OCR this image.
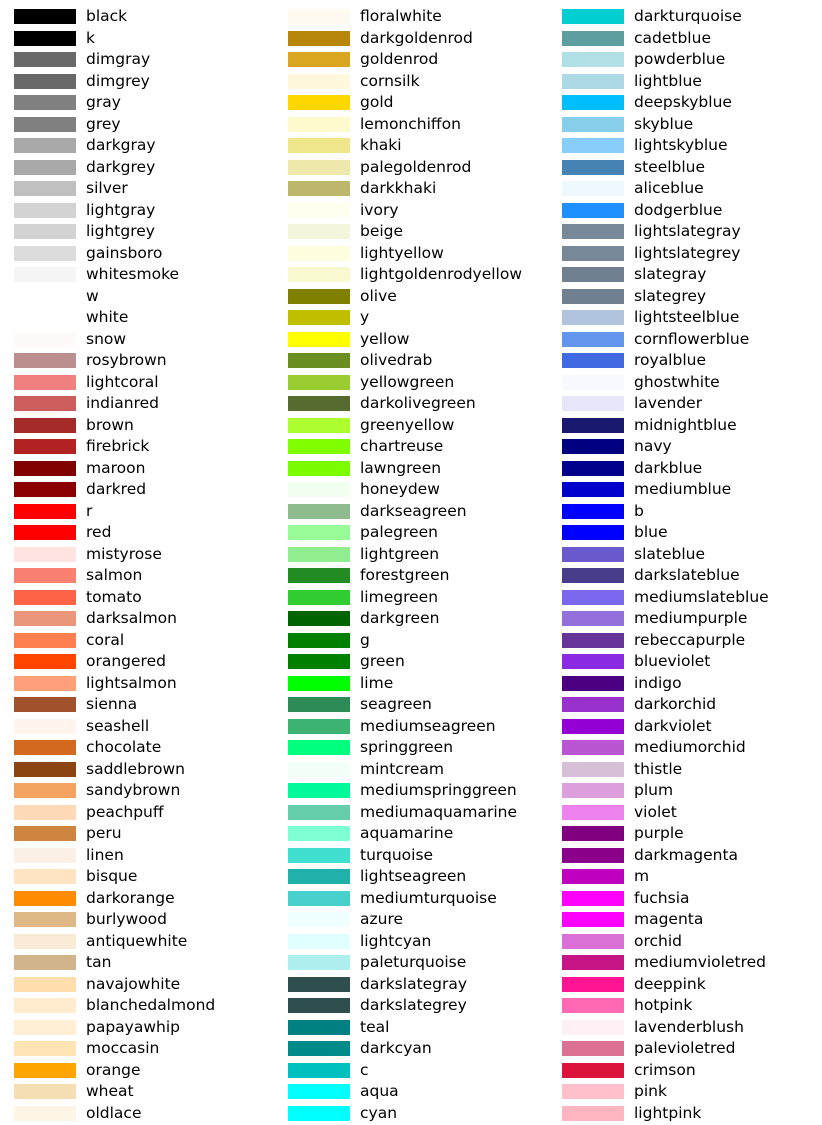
black
k
dimgray
dimgrey
gray
grey
darkgray
darkgrey
silver
lightgray
lightgrey
gainsboro
whitesmoke
w
white
snow
rosybrown
lightcoral
indianred
brown
firebrick
maroon
darkred
r
red
mistyrose
salmon
tomato
darksalmon
coral
orangered
lightsalmon
sienna
seashell
chocolate
saddlebrown
sandybrown
peachpuff
peru
linen
bisque
darkorange
burlywood
antiquewhite
tan
navajowhite
blanchedalmond
papayawhip
moccasin
orange
wheat
oldlace
floralwhite
darkgoldenrod
goldenrod
cornsilk
gold
lemonchiffon
khaki
palegoldenrod
darkkhaki
ivory
beige
lightyellow
lightgoldenrodyellow
olive
y
yellow
olivedrab
yellowgreen
darkolivegreen
greenyellow
chartreuse
lawngreen
honeydew
darkseagreen
palegreen
lightgreen
forestgreen
limegreen
darkgreen
g
green
lime
seagreen
mediumseagreen
springgreen
mintcream
mediumspringgreen
mediumaquamarine
aquamarine
turquoise
lightseagreen
mediumturquoise
azure
lightcyan
paleturquoise
darkslategray
darkslategrey
teal
darkcyan
c
aqua
cyan
darkturquoise
cadetblue
powderblue
lightblue
deepskyblue
skyblue
lightskyblue
steelblue
aliceblue
dodgerblue
lightslategray
lightslategrey
slategray
slategrey
lightsteelblue
cornflowerblue
royalblue
ghostwhite
lavender
midnightblue
navy
darkblue
mediumblue
b
blue
slateblue
darkslateblue
mediumslateblue
mediumpurple
rebeccapurple
blueviolet
indigo
darkorchid
darkviolet
mediumorchid
thistle
plum
violet
purple
darkmagenta
m
fuchsia
magenta
orchid
mediumvioletred
deeppink
hotpink
lavenderblush
palevioletred
crimson
pink
lightpink
